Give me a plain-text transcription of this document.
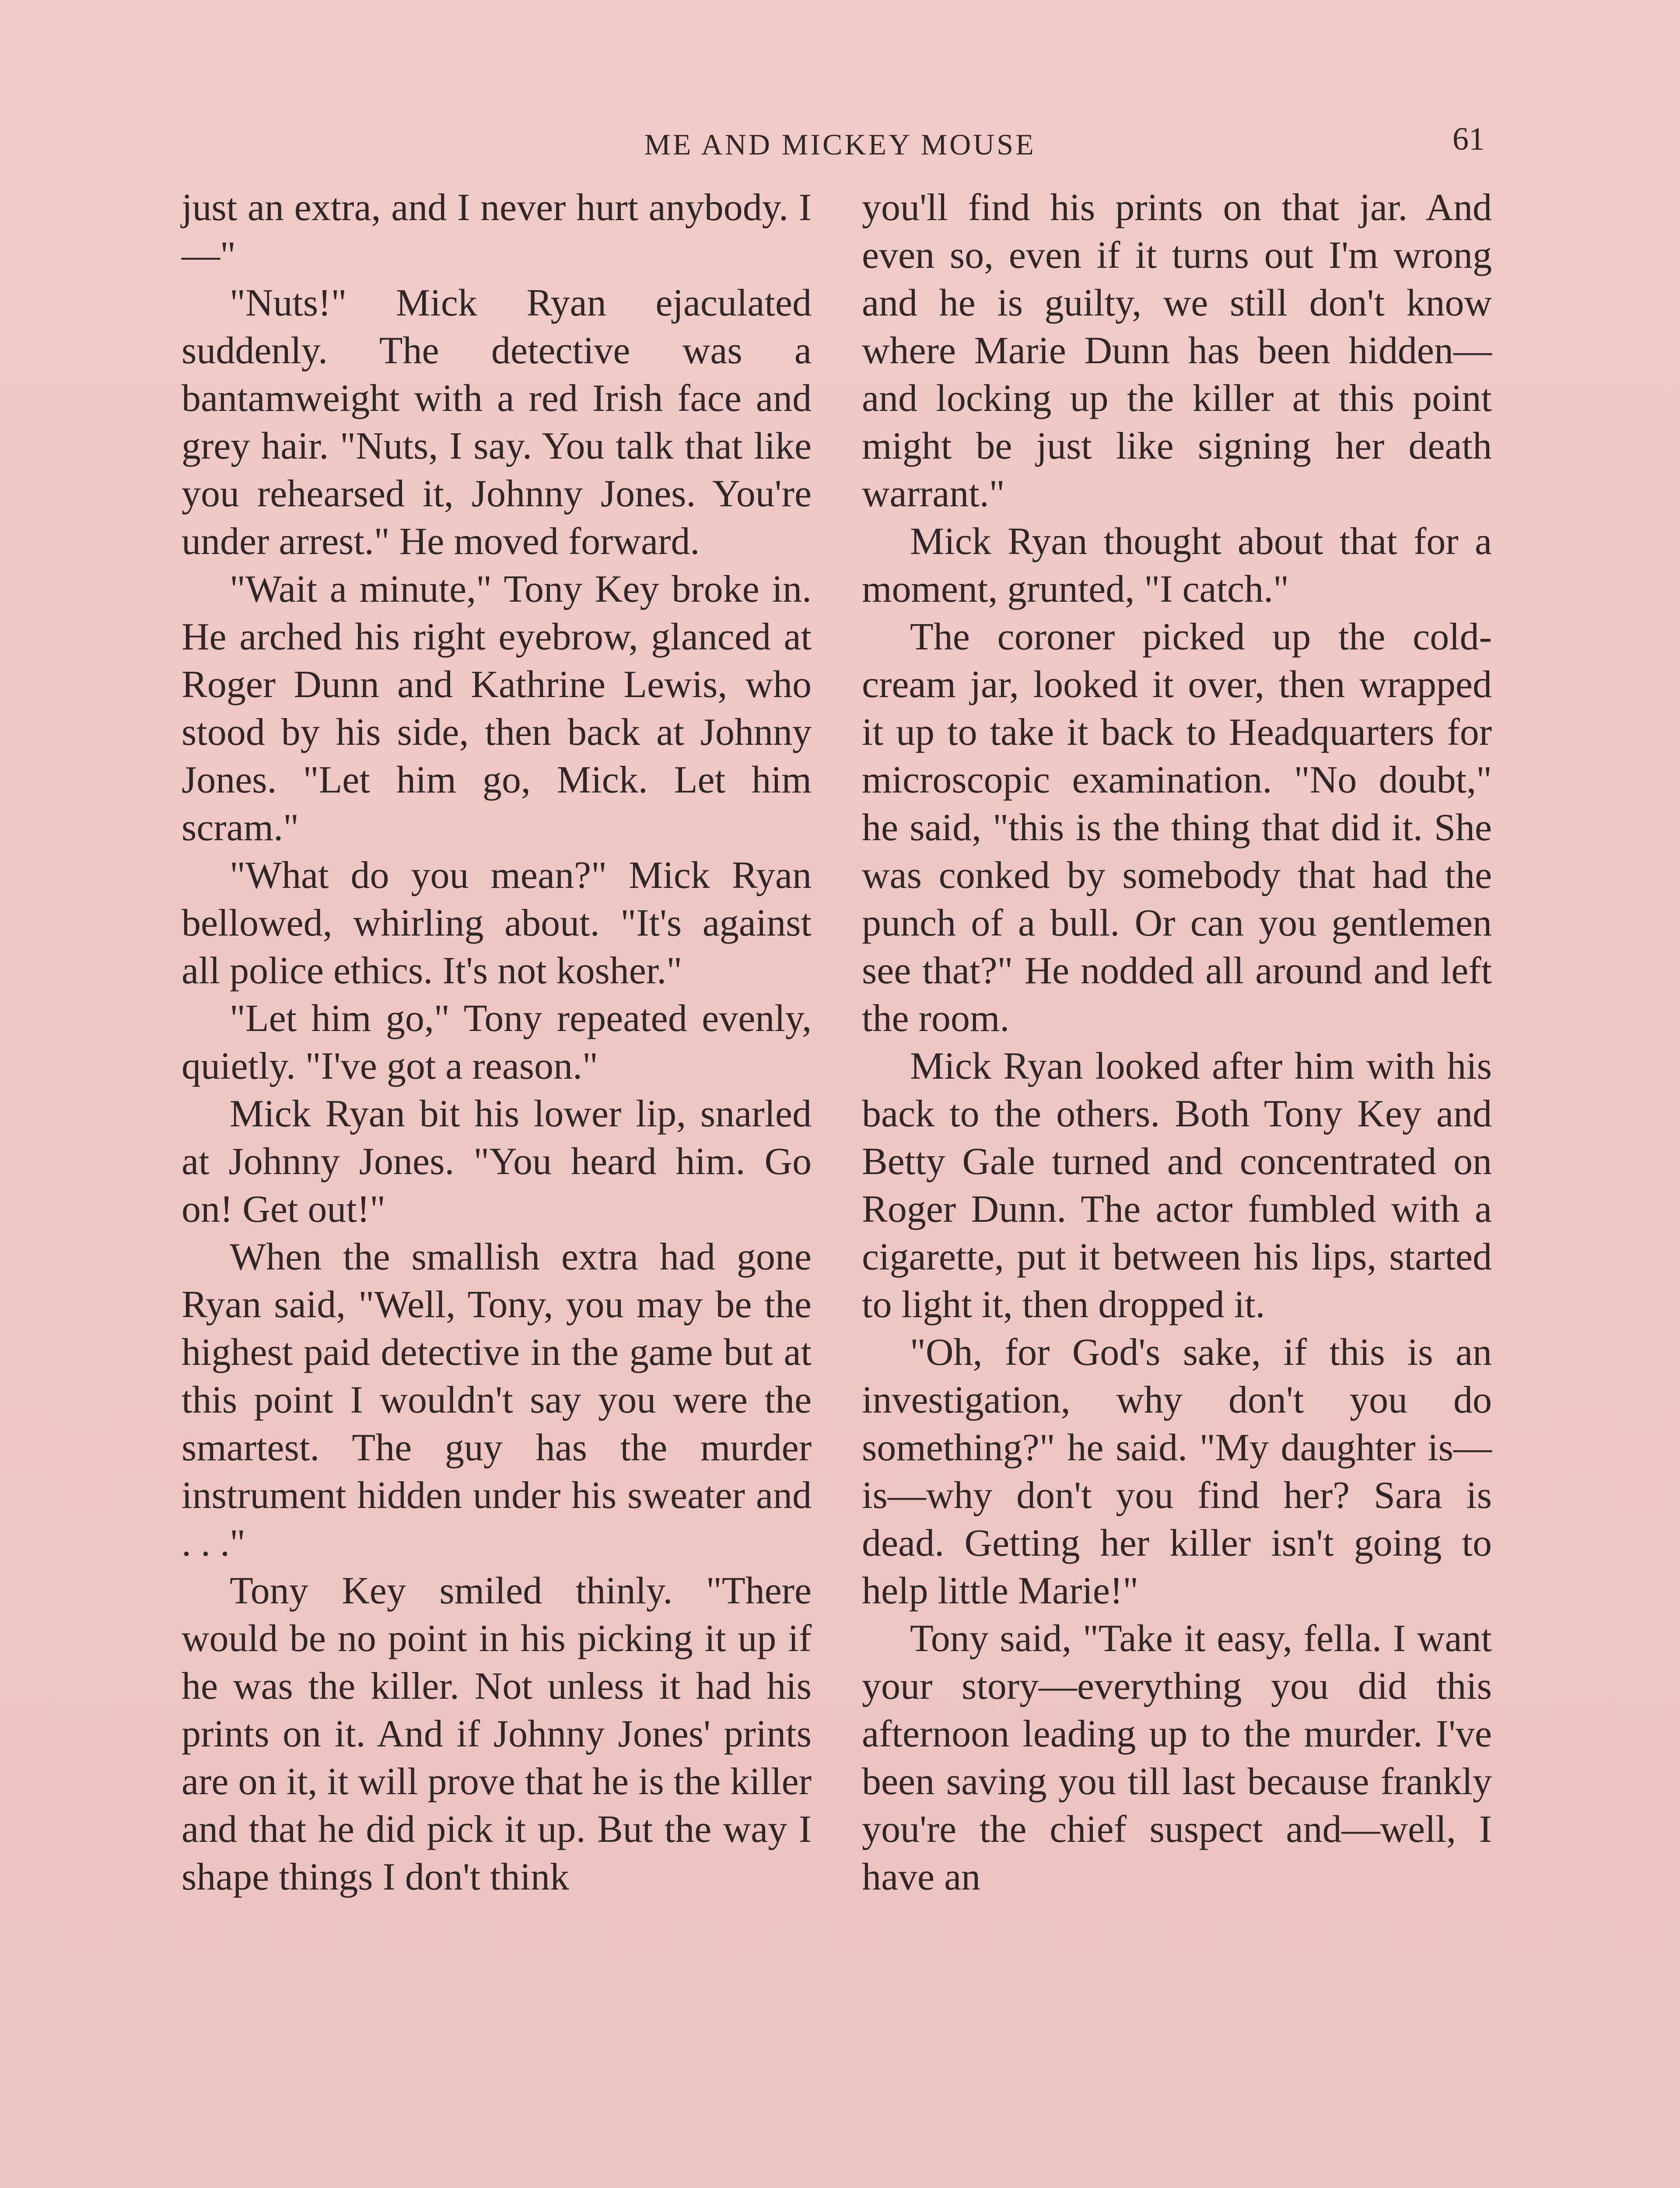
ME AND MICKEY MOUSE	61

just an extra, and I never hurt anybody. I—"

"Nuts!" Mick Ryan ejaculated suddenly. The detective was a bantamweight with a red Irish face and grey hair. "Nuts, I say. You talk that like you rehearsed it, Johnny Jones. You're under arrest." He moved forward.

"Wait a minute," Tony Key broke in. He arched his right eyebrow, glanced at Roger Dunn and Kathrine Lewis, who stood by his side, then back at Johnny Jones. "Let him go, Mick. Let him scram."

"What do you mean?" Mick Ryan bellowed, whirling about. "It's against all police ethics. It's not kosher."

"Let him go," Tony repeated evenly, quietly. "I've got a reason."

Mick Ryan bit his lower lip, snarled at Johnny Jones. "You heard him. Go on! Get out!"

When the smallish extra had gone Ryan said, "Well, Tony, you may be the highest paid detective in the game but at this point I wouldn't say you were the smartest. The guy has the murder instrument hidden under his sweater and . . ."

Tony Key smiled thinly. "There would be no point in his picking it up if he was the killer. Not unless it had his prints on it. And if Johnny Jones' prints are on it, it will prove that he is the killer and that he did pick it up. But the way I shape things I don't think

you'll find his prints on that jar. And even so, even if it turns out I'm wrong and he is guilty, we still don't know where Marie Dunn has been hidden—and locking up the killer at this point might be just like signing her death warrant."

Mick Ryan thought about that for a moment, grunted, "I catch."

The coroner picked up the cold-cream jar, looked it over, then wrapped it up to take it back to Headquarters for microscopic examination. "No doubt," he said, "this is the thing that did it. She was conked by somebody that had the punch of a bull. Or can you gentlemen see that?" He nodded all around and left the room.

Mick Ryan looked after him with his back to the others. Both Tony Key and Betty Gale turned and concentrated on Roger Dunn. The actor fumbled with a cigarette, put it between his lips, started to light it, then dropped it.

"Oh, for God's sake, if this is an investigation, why don't you do something?" he said. "My daughter is—is—why don't you find her? Sara is dead. Getting her killer isn't going to help little Marie!"

Tony said, "Take it easy, fella. I want your story—everything you did this afternoon leading up to the murder. I've been saving you till last because frankly you're the chief suspect and—well, I have an
